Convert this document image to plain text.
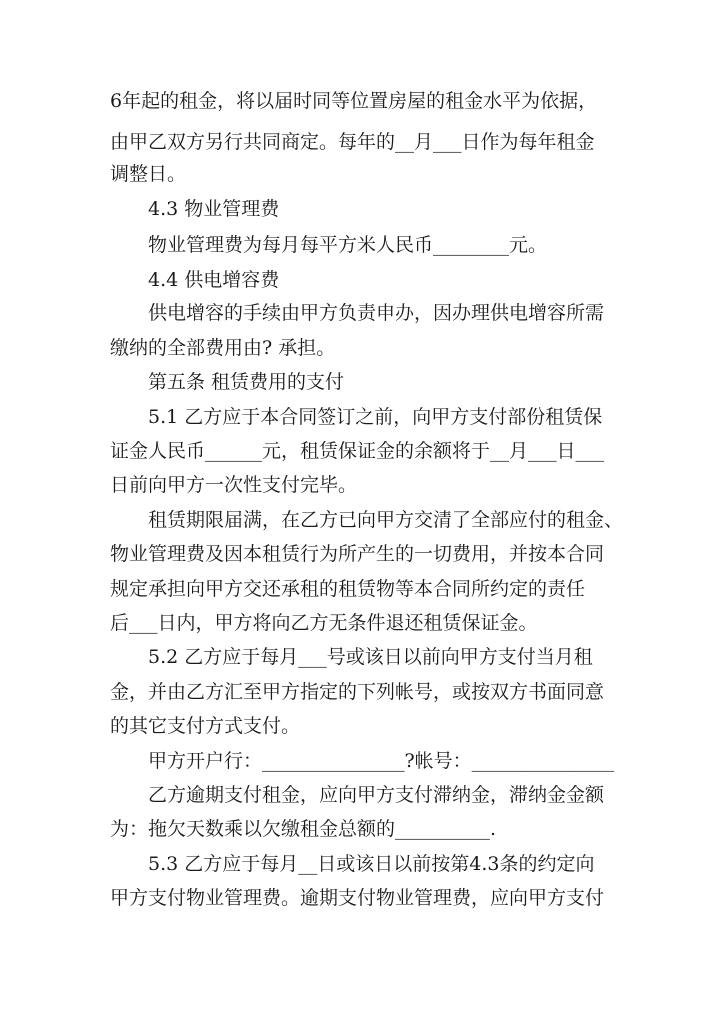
6年起的租金，将以届时同等位置房屋的租金水平为依据，
由甲乙双方另行共同商定。每年的__月___日作为每年租金
调整日。
4.3 物业管理费
物业管理费为每月每平方米人民币________元。
4.4 供电增容费
供电增容的手续由甲方负责申办，因办理供电增容所需
缴纳的全部费用由? 承担。
第五条 租赁费用的支付
5.1 乙方应于本合同签订之前，向甲方支付部份租赁保
证金人民币______元，租赁保证金的余额将于__月___日___
日前向甲方一次性支付完毕。
租赁期限届满，在乙方已向甲方交清了全部应付的租金、
物业管理费及因本租赁行为所产生的一切费用，并按本合同
规定承担向甲方交还承租的租赁物等本合同所约定的责任
后___日内，甲方将向乙方无条件退还租赁保证金。
5.2 乙方应于每月___号或该日以前向甲方支付当月租
金，并由乙方汇至甲方指定的下列帐号，或按双方书面同意
的其它支付方式支付。
甲方开户行：_______________?帐号：_______________
乙方逾期支付租金，应向甲方支付滞纳金，滞纳金金额
为：拖欠天数乘以欠缴租金总额的__________.
5.3 乙方应于每月__日或该日以前按第4.3条的约定向
甲方支付物业管理费。逾期支付物业管理费，应向甲方支付
